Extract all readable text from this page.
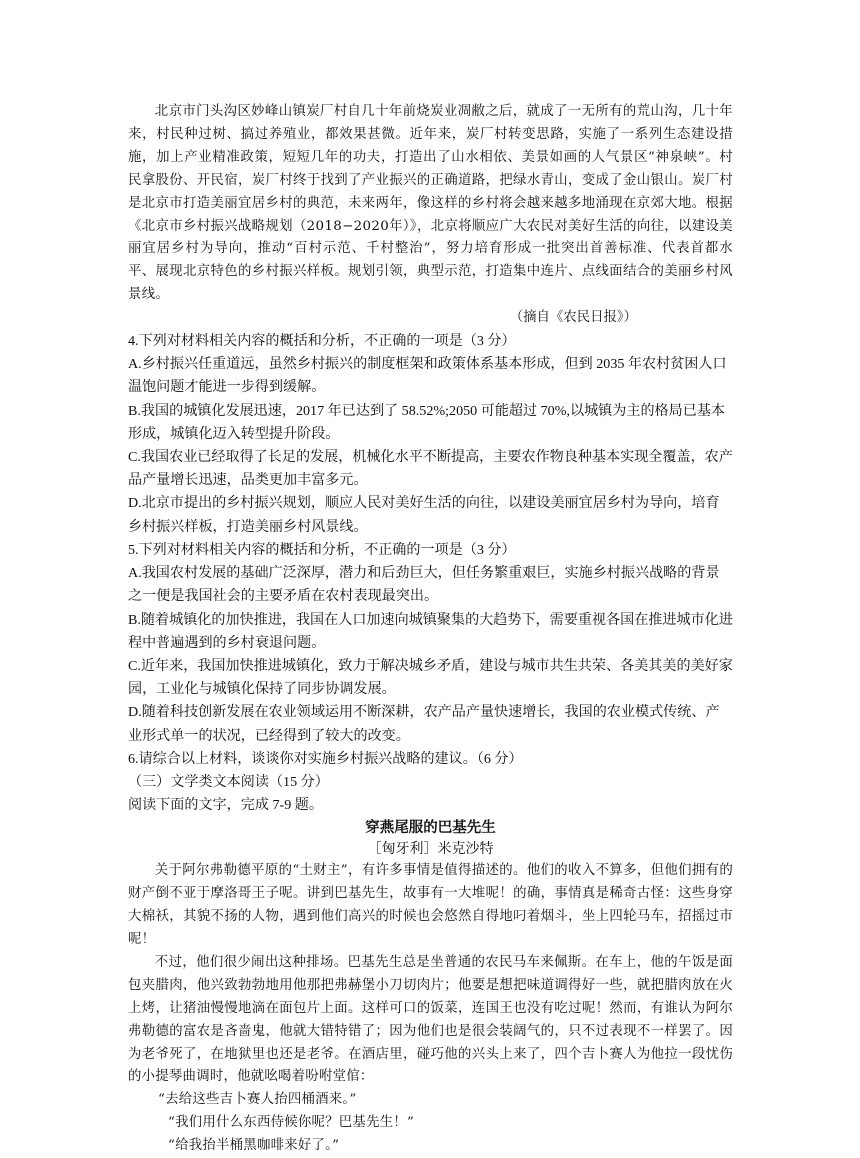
北京市门头沟区妙峰山镇炭厂村自几十年前烧炭业凋敝之后，就成了一无所有的荒山沟，几十年来，村民种过树、搞过养殖业，都效果甚微。近年来，炭厂村转变思路，实施了一系列生态建设措施，加上产业精准政策，短短几年的功夫，打造出了山水相依、美景如画的人气景区“神泉峡”。村民拿股份、开民宿，炭厂村终于找到了产业振兴的正确道路，把绿水青山，变成了金山银山。炭厂村是北京市打造美丽宜居乡村的典范，未来两年，像这样的乡村将会越来越多地涌现在京郊大地。根据《北京市乡村振兴战略规划（2018−2020年）》，北京将顺应广大农民对美好生活的向往，以建设美丽宜居乡村为导向，推动“百村示范、千村整治”，努力培育形成一批突出首善标准、代表首都水平、展现北京特色的乡村振兴样板。规划引领，典型示范，打造集中连片、点线面结合的美丽乡村风景线。

（摘自《农民日报》）

4.下列对材料相关内容的概括和分析，不正确的一项是（3 分）

A.乡村振兴任重道远，虽然乡村振兴的制度框架和政策体系基本形成，但到 2035 年农村贫困人口温饱问题才能进一步得到缓解。

B.我国的城镇化发展迅速，2017 年已达到了 58.52%;2050 可能超过 70%,以城镇为主的格局已基本形成，城镇化迈入转型提升阶段。

C.我国农业已经取得了长足的发展，机械化水平不断提高，主要农作物良种基本实现全覆盖，农产品产量增长迅速，品类更加丰富多元。

D.北京市提出的乡村振兴规划，顺应人民对美好生活的向往，以建设美丽宜居乡村为导向，培育乡村振兴样板，打造美丽乡村风景线。

5.下列对材料相关内容的概括和分析，不正确的一项是（3 分）

A.我国农村发展的基础广泛深厚，潜力和后劲巨大，但任务繁重艰巨，实施乡村振兴战略的背景之一便是我国社会的主要矛盾在农村表现最突出。

B.随着城镇化的加快推进，我国在人口加速向城镇聚集的大趋势下，需要重视各国在推进城市化进程中普遍遇到的乡村衰退问题。

C.近年来，我国加快推进城镇化，致力于解决城乡矛盾，建设与城市共生共荣、各美其美的美好家园，工业化与城镇化保持了同步协调发展。

D.随着科技创新发展在农业领域运用不断深耕，农产品产量快速增长，我国的农业模式传统、产业形式单一的状况，已经得到了较大的改变。

6.请综合以上材料，谈谈你对实施乡村振兴战略的建议。（6 分）

（三）文学类文本阅读（15 分）

阅读下面的文字，完成 7-9 题。

穿燕尾服的巴基先生

［匈牙利］米克沙特

关于阿尔弗勒德平原的“土财主”，有许多事情是值得描述的。他们的收入不算多，但他们拥有的财产倒不亚于摩洛哥王子呢。讲到巴基先生，故事有一大堆呢！的确，事情真是稀奇古怪：这些身穿大棉袄，其貌不扬的人物，遇到他们高兴的时候也会悠然自得地叼着烟斗，坐上四轮马车，招摇过市呢！

不过，他们很少闹出这种排场。巴基先生总是坐普通的农民马车来佩斯。在车上，他的午饭是面包夹腊肉，他兴致勃勃地用他那把弗赫堡小刀切肉片；他要是想把味道调得好一些，就把腊肉放在火上烤，让猪油慢慢地滴在面包片上面。这样可口的饭菜，连国王也没有吃过呢！然而，有谁认为阿尔弗勒德的富农是吝啬鬼，他就大错特错了；因为他们也是很会装阔气的，只不过表现不一样罢了。因为老爷死了，在地狱里也还是老爷。在酒店里，碰巧他的兴头上来了，四个吉卜赛人为他拉一段忧伤的小提琴曲调时，他就吆喝着吩咐堂倌：

“去给这些吉卜赛人抬四桶酒来。”

“我们用什么东西侍候你呢？巴基先生！”

“给我抬半桶黑咖啡来好了。”
